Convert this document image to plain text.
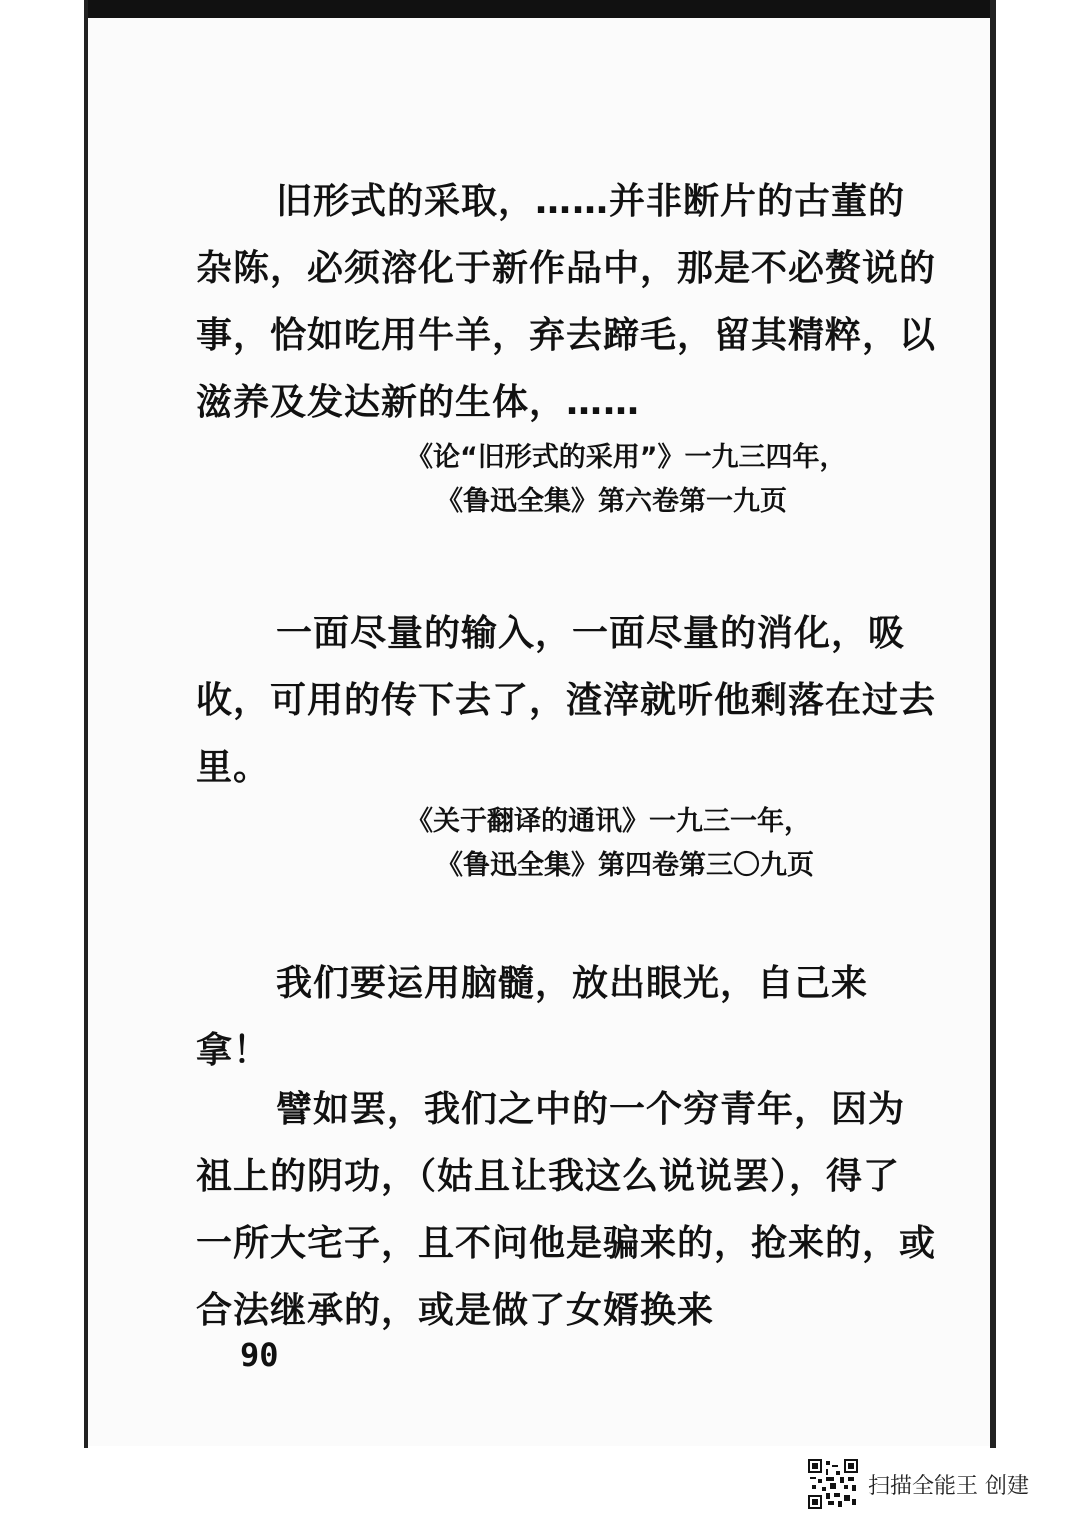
旧形式的采取，……并非断片的古董的杂陈，必须溶化于新作品中，那是不必赘说的事，恰如吃用牛羊，弃去蹄毛，留其精粹，以滋养及发达新的生体，……

《论“旧形式的采用”》一九三四年，

《鲁迅全集》第六卷第一九页

一面尽量的输入，一面尽量的消化，吸收，可用的传下去了，渣滓就听他剩落在过去里。

《关于翻译的通讯》一九三一年，

《鲁迅全集》第四卷第三〇九页

我们要运用脑髓，放出眼光，自己来拿！

譬如罢，我们之中的一个穷青年，因为祖上的阴功，（姑且让我这么说说罢），得了一所大宅子，且不问他是骗来的，抢来的，或合法继承的，或是做了女婿换来

90
扫描全能王 创建
